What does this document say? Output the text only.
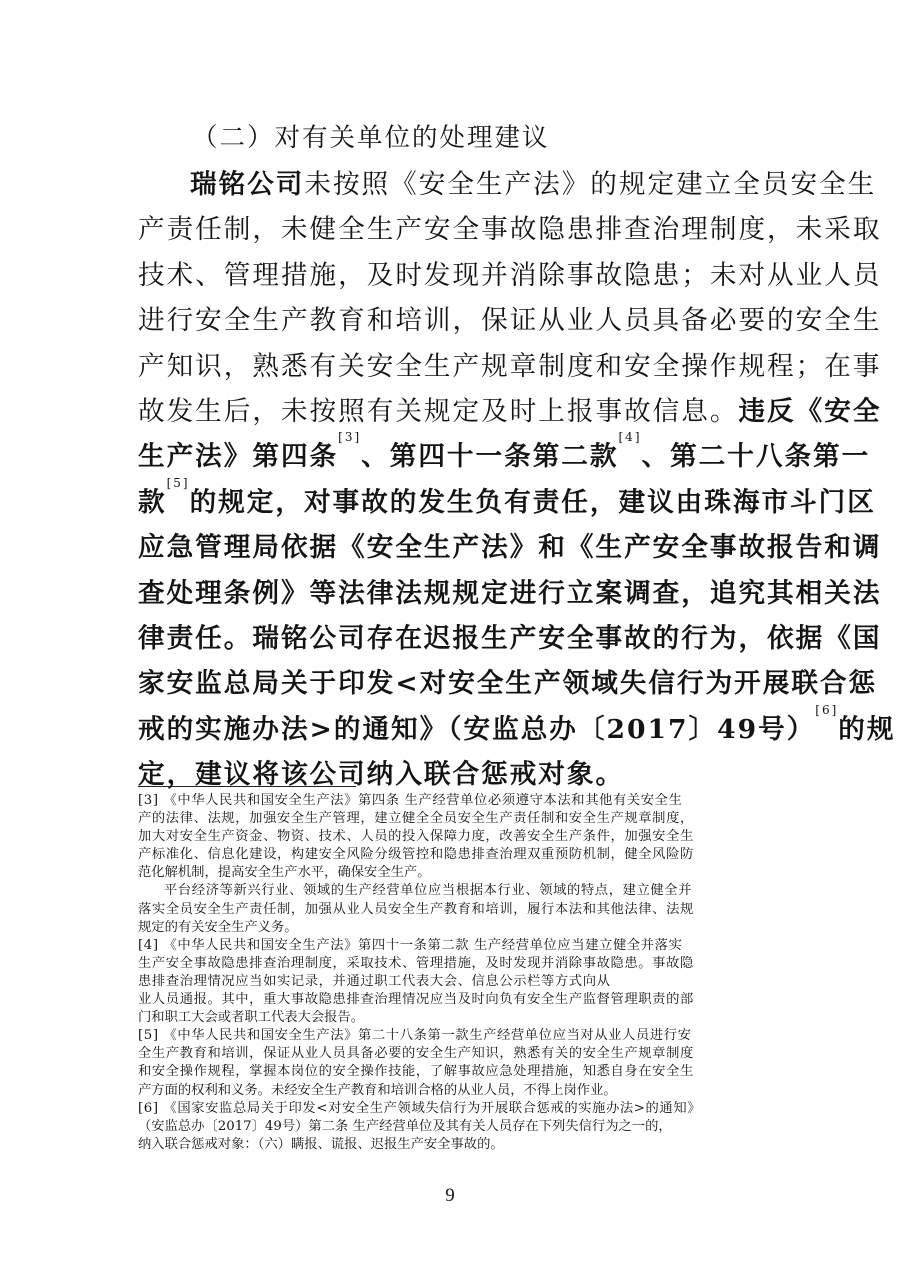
（二）对有关单位的处理建议
瑞铭公司未按照《安全生产法》的规定建立全员安全生
产责任制，未健全生产安全事故隐患排查治理制度，未采取
技术、管理措施，及时发现并消除事故隐患；未对从业人员
进行安全生产教育和培训，保证从业人员具备必要的安全生
产知识，熟悉有关安全生产规章制度和安全操作规程；在事
故发生后，未按照有关规定及时上报事故信息。违反《安全
生产法》第四条[3]、第四十一条第二款[4]、第二十八条第一
款[5]的规定，对事故的发生负有责任，建议由珠海市斗门区
应急管理局依据《安全生产法》和《生产安全事故报告和调
查处理条例》等法律法规规定进行立案调查，追究其相关法
律责任。瑞铭公司存在迟报生产安全事故的行为，依据《国
家安监总局关于印发<对安全生产领域失信行为开展联合惩
戒的实施办法>的通知》（安监总办〔2017〕49号）[6]的规
定，建议将该公司纳入联合惩戒对象。
[3] 《中华人民共和国安全生产法》第四条 生产经营单位必须遵守本法和其他有关安全生
产的法律、法规，加强安全生产管理，建立健全全员安全生产责任制和安全生产规章制度，
加大对安全生产资金、物资、技术、人员的投入保障力度，改善安全生产条件，加强安全生
产标准化、信息化建设，构建安全风险分级管控和隐患排查治理双重预防机制，健全风险防
范化解机制，提高安全生产水平，确保安全生产。
平台经济等新兴行业、领域的生产经营单位应当根据本行业、领域的特点，建立健全并
落实全员安全生产责任制，加强从业人员安全生产教育和培训，履行本法和其他法律、法规
规定的有关安全生产义务。
[4] 《中华人民共和国安全生产法》第四十一条第二款 生产经营单位应当建立健全并落实
生产安全事故隐患排查治理制度，采取技术、管理措施，及时发现并消除事故隐患。事故隐
患排查治理情况应当如实记录，并通过职工代表大会、信息公示栏等方式向从
业人员通报。其中，重大事故隐患排查治理情况应当及时向负有安全生产监督管理职责的部
门和职工大会或者职工代表大会报告。
[5] 《中华人民共和国安全生产法》第二十八条第一款生产经营单位应当对从业人员进行安
全生产教育和培训，保证从业人员具备必要的安全生产知识，熟悉有关的安全生产规章制度
和安全操作规程，掌握本岗位的安全操作技能，了解事故应急处理措施，知悉自身在安全生
产方面的权利和义务。未经安全生产教育和培训合格的从业人员，不得上岗作业。
[6] 《国家安监总局关于印发<对安全生产领域失信行为开展联合惩戒的实施办法>的通知》
（安监总办〔2017〕49号）第二条 生产经营单位及其有关人员存在下列失信行为之一的，
纳入联合惩戒对象：（六）瞒报、谎报、迟报生产安全事故的。
9
